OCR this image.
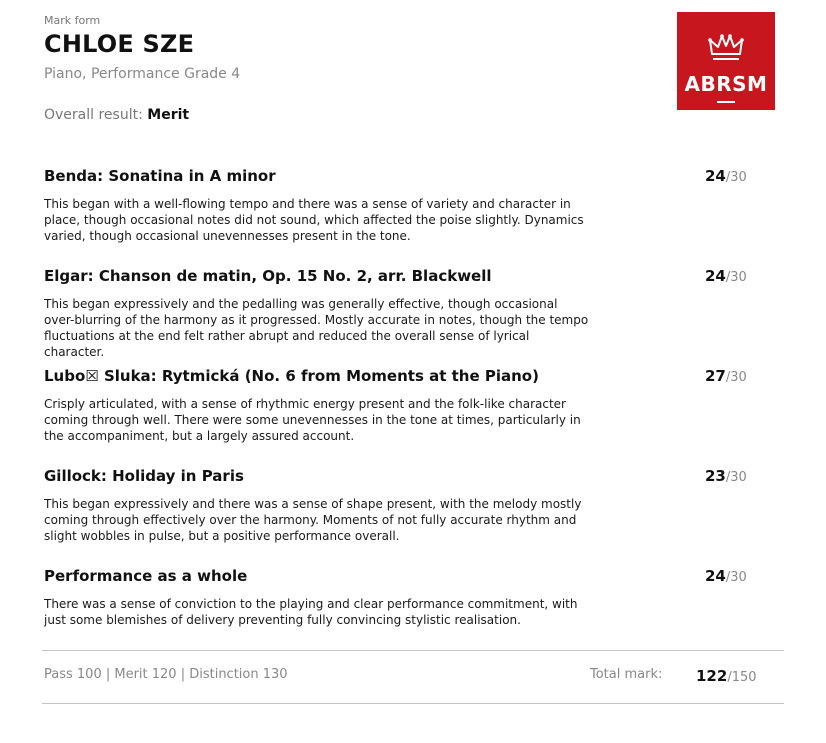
Mark form
CHLOE SZE
Piano, Performance Grade 4
Overall result: Merit
ABRSM
Benda: Sonatina in A minor
This began with a well-flowing tempo and there was a sense of variety and character in place, though occasional notes did not sound, which affected the poise slightly. Dynamics varied, though occasional unevennesses present in the tone.
24/30
Elgar: Chanson de matin, Op. 15 No. 2, arr. Blackwell
This began expressively and the pedalling was generally effective, though occasional over-blurring of the harmony as it progressed. Mostly accurate in notes, though the tempo fluctuations at the end felt rather abrupt and reduced the overall sense of lyrical character.
24/30
Lubo☒ Sluka: Rytmická (No. 6 from Moments at the Piano)
Crisply articulated, with a sense of rhythmic energy present and the folk-like character coming through well. There were some unevennesses in the tone at times, particularly in the accompaniment, but a largely assured account.
27/30
Gillock: Holiday in Paris
This began expressively and there was a sense of shape present, with the melody mostly coming through effectively over the harmony. Moments of not fully accurate rhythm and slight wobbles in pulse, but a positive performance overall.
23/30
Performance as a whole
There was a sense of conviction to the playing and clear performance commitment, with just some blemishes of delivery preventing fully convincing stylistic realisation.
24/30
Pass 100 | Merit 120 | Distinction 130	Total mark: 122/150
